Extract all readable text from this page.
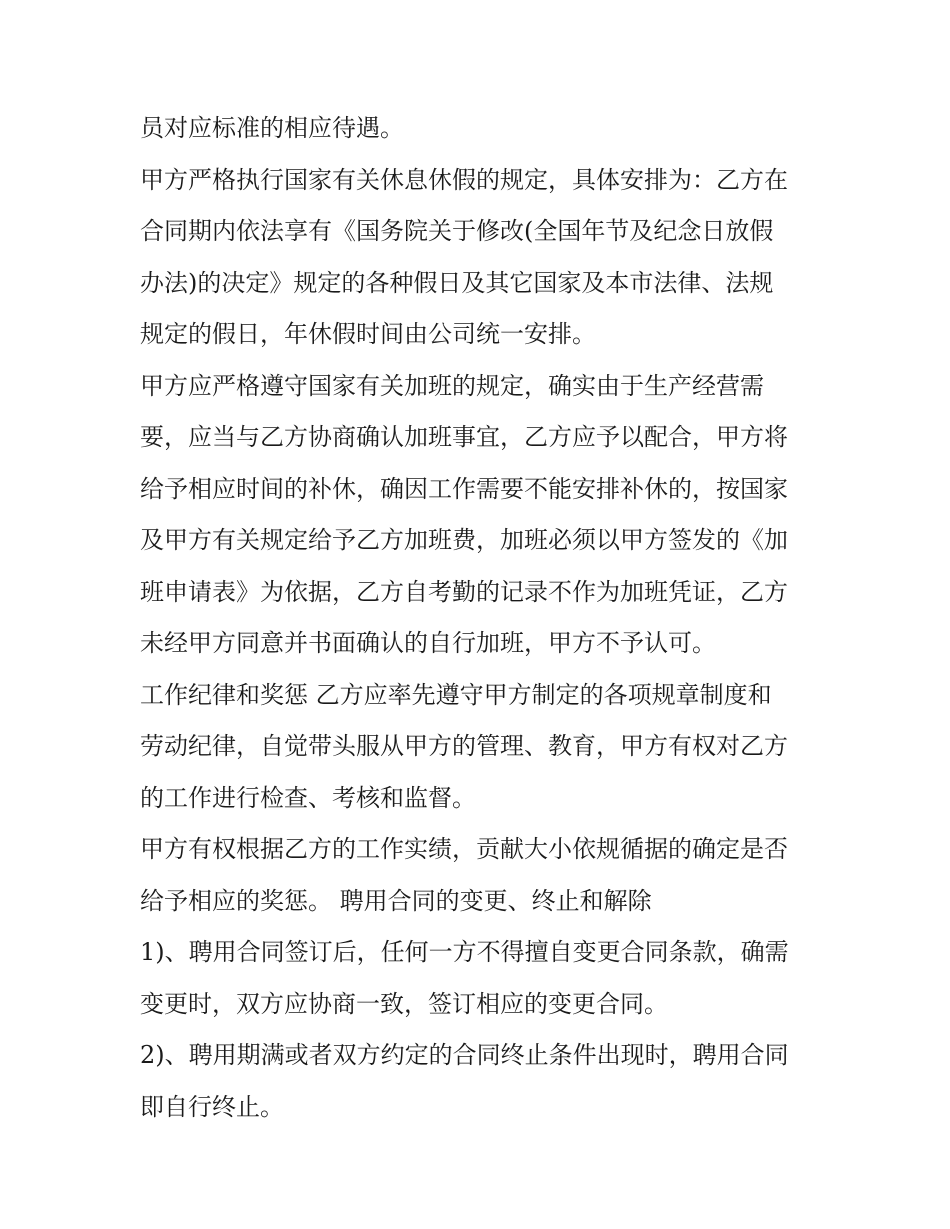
员对应标准的相应待遇。
甲方严格执行国家有关休息休假的规定，具体安排为：乙方在
合同期内依法享有《国务院关于修改(全国年节及纪念日放假
办法)的决定》规定的各种假日及其它国家及本市法律、法规
规定的假日，年休假时间由公司统一安排。
甲方应严格遵守国家有关加班的规定，确实由于生产经营需
要，应当与乙方协商确认加班事宜，乙方应予以配合，甲方将
给予相应时间的补休，确因工作需要不能安排补休的，按国家
及甲方有关规定给予乙方加班费，加班必须以甲方签发的《加
班申请表》为依据，乙方自考勤的记录不作为加班凭证，乙方
未经甲方同意并书面确认的自行加班，甲方不予认可。
工作纪律和奖惩 乙方应率先遵守甲方制定的各项规章制度和
劳动纪律，自觉带头服从甲方的管理、教育，甲方有权对乙方
的工作进行检查、考核和监督。
甲方有权根据乙方的工作实绩，贡献大小依规循据的确定是否
给予相应的奖惩。 聘用合同的变更、终止和解除
1)、聘用合同签订后，任何一方不得擅自变更合同条款，确需
变更时，双方应协商一致，签订相应的变更合同。
2)、聘用期满或者双方约定的合同终止条件出现时，聘用合同
即自行终止。
